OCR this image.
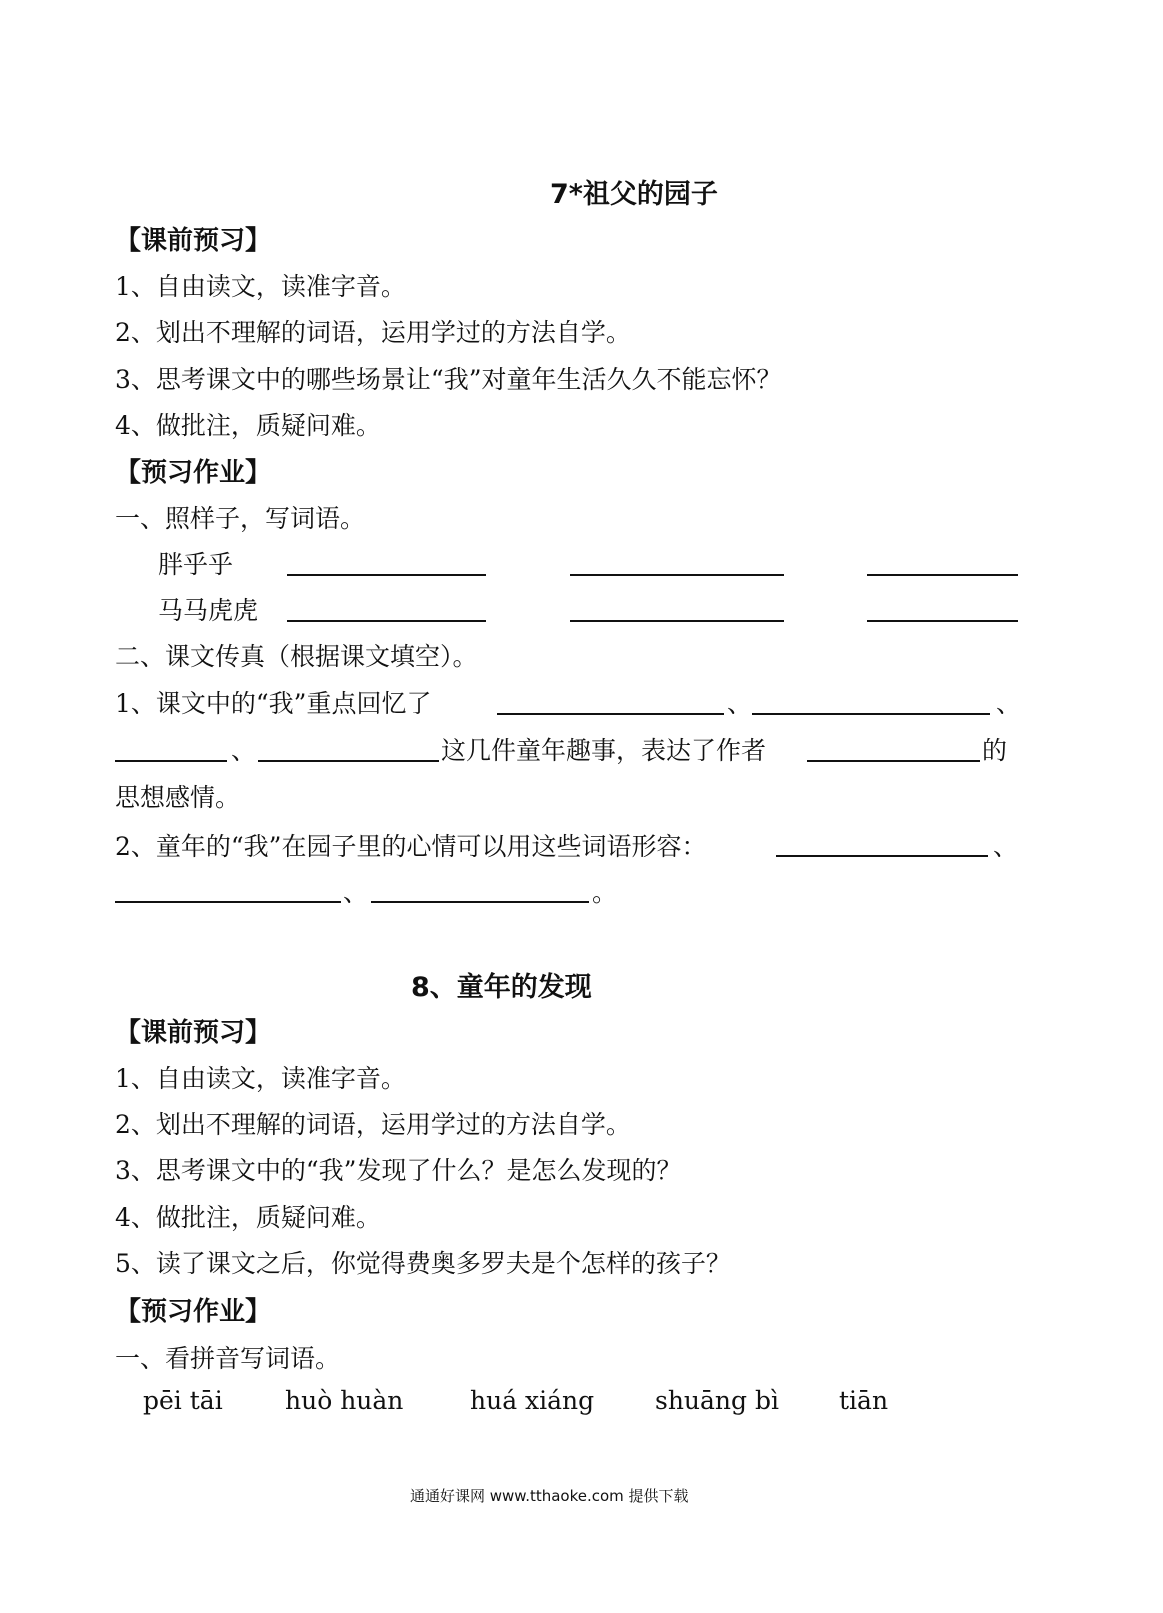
7*祖父的园子
【课前预习】
1、自由读文，读准字音。
2、划出不理解的词语，运用学过的方法自学。
3、思考课文中的哪些场景让“我”对童年生活久久不能忘怀？
4、做批注，质疑问难。
【预习作业】
一、照样子，写词语。
胖乎乎
马马虎虎
二、课文传真（根据课文填空）。
1、课文中的“我”重点回忆了	、	、
、	这几件童年趣事，表达了作者	的
思想感情。
2、童年的“我”在园子里的心情可以用这些词语形容：	、
、	。
8、童年的发现
【课前预习】
1、自由读文，读准字音。
2、划出不理解的词语，运用学过的方法自学。
3、思考课文中的“我”发现了什么？是怎么发现的？
4、做批注，质疑问难。
5、读了课文之后，你觉得费奥多罗夫是个怎样的孩子？
【预习作业】
一、看拼音写词语。
pēi tāi huò huàn	huá xiáng shuāng bì tiān
通通好课网 www.tthaoke.com 提供下载
